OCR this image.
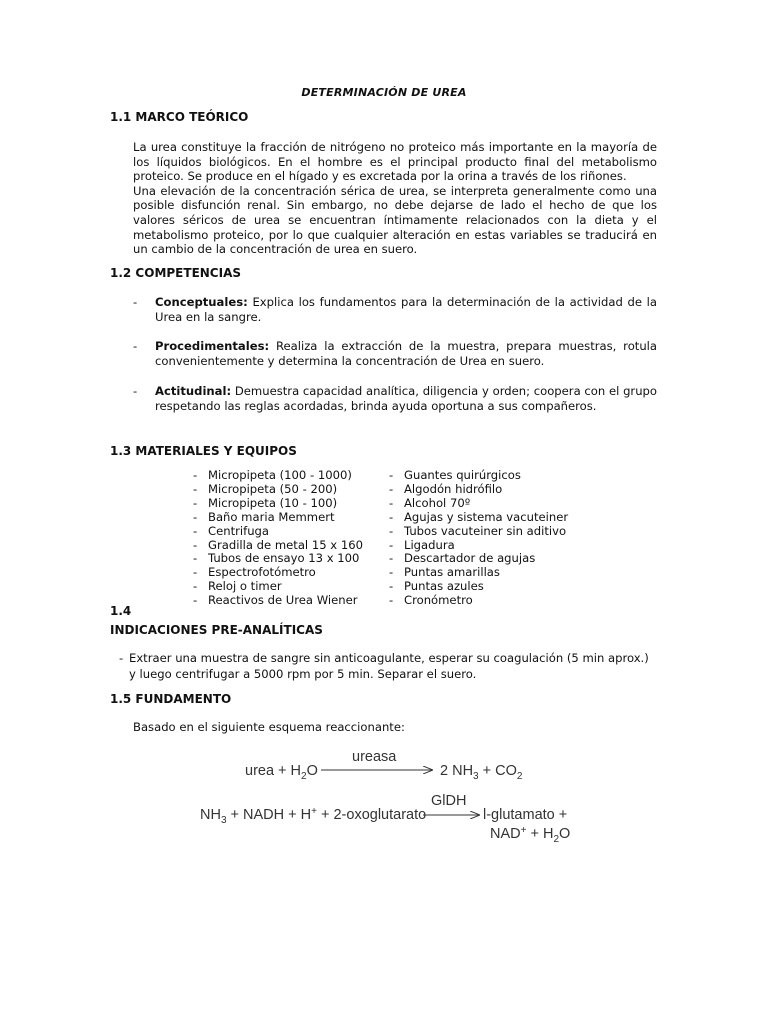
DETERMINACIÓN DE UREA
1.1 MARCO TEÓRICO

La urea constituye la fracción de nitrógeno no proteico más importante en la mayoría de los líquidos biológicos. En el hombre es el principal producto final del metabolismo proteico. Se produce en el hígado y es excretada por la orina a través de los riñones.

Una elevación de la concentración sérica de urea, se interpreta generalmente como una posible disfunción renal. Sin embargo, no debe dejarse de lado el hecho de que los valores séricos de urea se encuentran íntimamente relacionados con la dieta y el metabolismo proteico, por lo que cualquier alteración en estas variables se traducirá en un cambio de la concentración de urea en suero.

1.2 COMPETENCIAS
- Conceptuales: Explica los fundamentos para la determinación de la actividad de la Urea en la sangre.
- Procedimentales: Realiza la extracción de la muestra, prepara muestras, rotula convenientemente y determina la concentración de Urea en suero.
- Actitudinal: Demuestra capacidad analítica, diligencia y orden; coopera con el grupo respetando las reglas acordadas, brinda ayuda oportuna a sus compañeros.
1.3 MATERIALES Y EQUIPOS
- Micropipeta (100 - 1000)
- Micropipeta (50 - 200)
- Micropipeta (10 - 100)
- Baño maria Memmert
- Centrifuga
- Gradilla de metal 15 x 160
- Tubos de ensayo 13 x 100
- Espectrofotómetro
- Reloj o timer
- Reactivos de Urea Wiener
- Guantes quirúrgicos
- Algodón hidrófilo
- Alcohol 70º
- Agujas y sistema vacuteiner
- Tubos vacuteiner sin aditivo
- Ligadura
- Descartador de agujas
- Puntas amarillas
- Puntas azules
- Cronómetro
1.4
INDICACIONES PRE-ANALÍTICAS
- Extraer una muestra de sangre sin anticoagulante, esperar su coagulación (5 min aprox.) y luego centrifugar a 5000 rpm por 5 min. Separar el suero.
1.5 FUNDAMENTO
Basado en el siguiente esquema reaccionante:
urea + $H_2O$
ureasa
2 $NH_3 + CO_2$
$NH_3$ + NADH + H+ + 2-oxoglutarato
GlDH
l-glutamato +
$NAD^+ + H_2O$
